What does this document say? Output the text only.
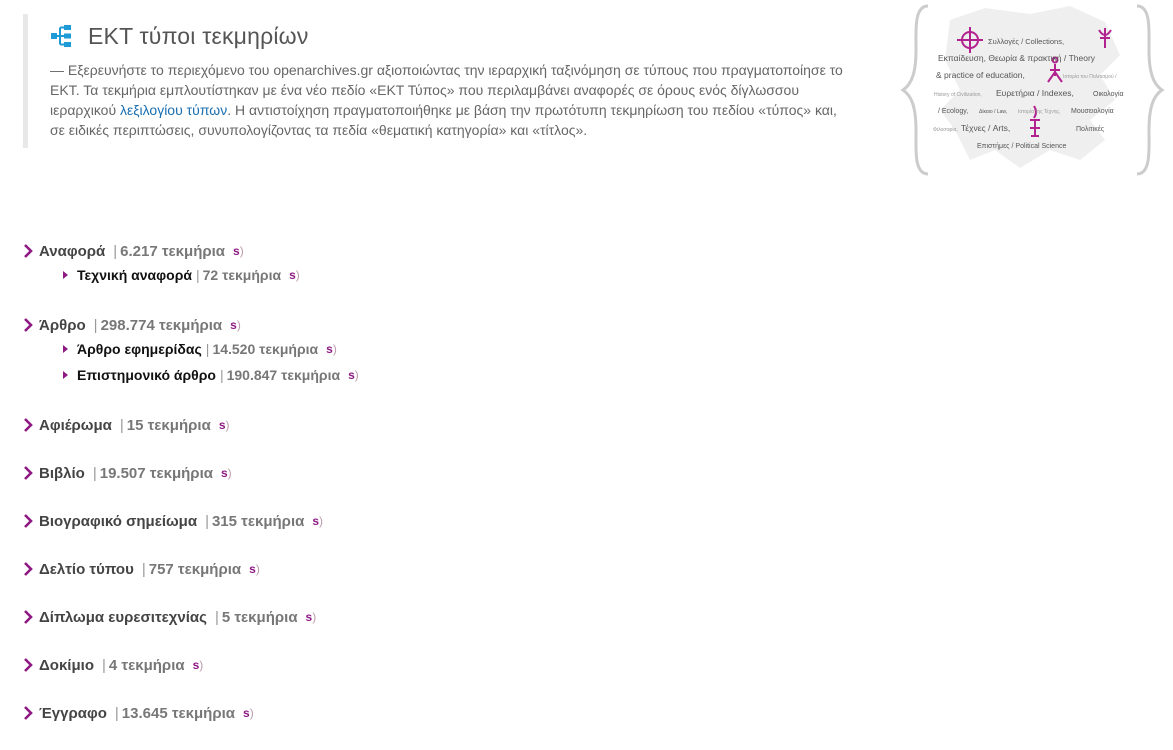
ΕΚΤ τύποι τεκμηρίων
— Εξερευνήστε το περιεχόμενο του openarchives.gr αξιοποιώντας την ιεραρχική ταξινόμηση σε τύπους που πραγματοποίησε το ΕΚΤ. Τα τεκμήρια εμπλουτίστηκαν με ένα νέο πεδίο «ΕΚΤ Τύπος» που περιλαμβάνει αναφορές σε όρους ενός δίγλωσσου ιεραρχικού λεξιλογίου τύπων. Η αντιστοίχηση πραγματοποιήθηκε με βάση την πρωτότυπη τεκμηρίωση του πεδίου «τύπος» και, σε ειδικές περιπτώσεις, συνυπολογίζοντας τα πεδία «θεματική κατηγορία» και «τίτλος».
Συλλογές / Collections,
Εκπαίδευση, Θεωρία & πρακτική / Theory
& practice of education,	Ιστορία του Πολιτισμού /
History of Civilization, Ευρετήρια / Indexes,	Οικολογία
/ Ecology, Δίκαιο / Law, Ιστορία της Τέχνης, Μουσειολογία
Φιλοσοφία, Τέχνες / Arts,	Πολιτικές
Επιστήμες / Political Science
Αναφορά | 6.217 τεκμήρια s)
Τεχνική αναφορά | 72 τεκμήρια s)
Άρθρο | 298.774 τεκμήρια s)
Άρθρο εφημερίδας | 14.520 τεκμήρια s)
Επιστημονικό άρθρο | 190.847 τεκμήρια s)
Αφιέρωμα | 15 τεκμήρια s)
Βιβλίο | 19.507 τεκμήρια s)
Βιογραφικό σημείωμα | 315 τεκμήρια s)
Δελτίο τύπου | 757 τεκμήρια s)
Δίπλωμα ευρεσιτεχνίας | 5 τεκμήρια s)
Δοκίμιο | 4 τεκμήρια s)
Έγγραφο | 13.645 τεκμήρια s)
